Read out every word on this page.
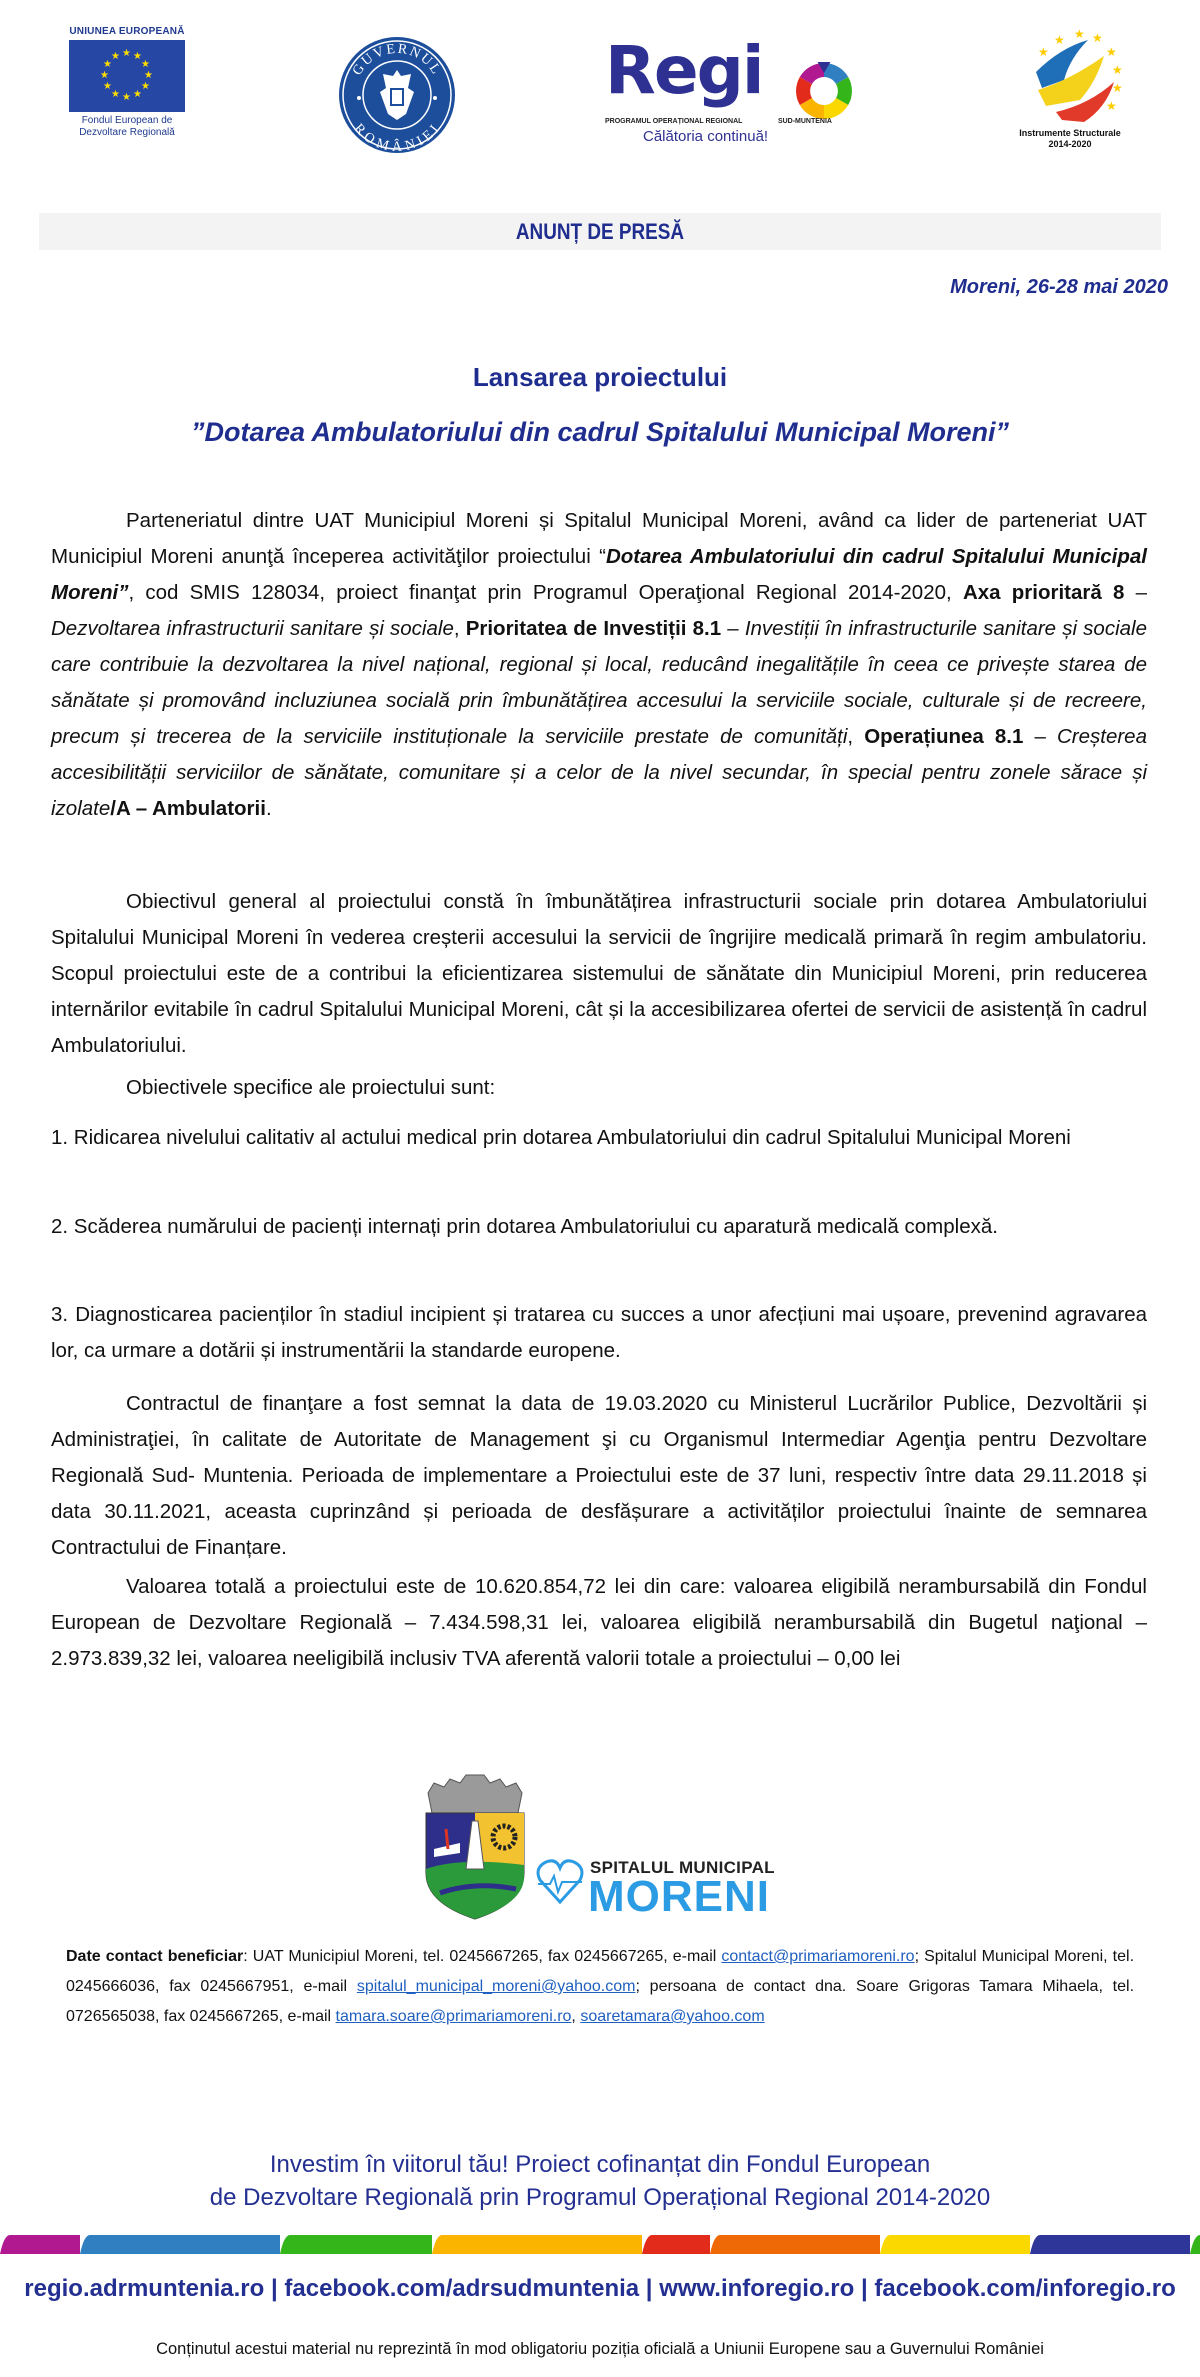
UNIUNEA EUROPEANĂ
★ ★
★
★
★
★
★
★
★
★
★
★
Fondul European de
Dezvoltare Regională
GUVERNUL
ROMÂNIEI
Regi
PROGRAMUL OPERAȚIONAL REGIONAL	SUD-MUNTENIA
Călătoria continuă!
★
★ ★ ★
★
★
★
★
Instrumente Structurale
2014-2020
ANUNȚ DE PRESĂ
Moreni, 26-28 mai 2020
Lansarea proiectului
”Dotarea Ambulatoriului din cadrul Spitalului Municipal Moreni”

Parteneriatul dintre UAT Municipiul Moreni și Spitalul Municipal Moreni, având ca lider de parteneriat UAT Municipiul Moreni anunţă începerea activităţilor proiectului “Dotarea Ambulatoriului din cadrul Spitalului Municipal Moreni”, cod SMIS 128034, proiect finanţat prin Programul Operaţional Regional 2014-2020, Axa prioritară 8 – Dezvoltarea infrastructurii sanitare și sociale, Prioritatea de Investiții 8.1 – Investiții în infrastructurile sanitare și sociale care contribuie la dezvoltarea la nivel național, regional și local, reducând inegalitățile în ceea ce privește starea de sănătate și promovând incluziunea socială prin îmbunătățirea accesului la serviciile sociale, culturale și de recreere, precum și trecerea de la serviciile instituționale la serviciile prestate de comunități, Operațiunea 8.1 – Creșterea accesibilității serviciilor de sănătate, comunitare și a celor de la nivel secundar, în special pentru zonele sărace și izolate/A – Ambulatorii.

Obiectivul general al proiectului constă în îmbunătățirea infrastructurii sociale prin dotarea Ambulatoriului Spitalului Municipal Moreni în vederea creșterii accesului la servicii de îngrijire medicală primară în regim ambulatoriu. Scopul proiectului este de a contribui la eficientizarea sistemului de sănătate din Municipiul Moreni, prin reducerea internărilor evitabile în cadrul Spitalului Municipal Moreni, cât și la accesibilizarea ofertei de servicii de asistență în cadrul Ambulatoriului.

Obiectivele specifice ale proiectului sunt:

1. Ridicarea nivelului calitativ al actului medical prin dotarea Ambulatoriului din cadrul Spitalului Municipal Moreni

2. Scăderea numărului de pacienți internați prin dotarea Ambulatoriului cu aparatură medicală complexă.

3. Diagnosticarea pacienților în stadiul incipient și tratarea cu succes a unor afecțiuni mai ușoare, prevenind agravarea lor, ca urmare a dotării și instrumentării la standarde europene.

Contractul de finanţare a fost semnat la data de 19.03.2020 cu Ministerul Lucrărilor Publice, Dezvoltării și Administraţiei, în calitate de Autoritate de Management şi cu Organismul Intermediar Agenţia pentru Dezvoltare Regională Sud- Muntenia. Perioada de implementare a Proiectului este de 37 luni, respectiv între data 29.11.2018 și data 30.11.2021, aceasta cuprinzând și perioada de desfășurare a activităților proiectului înainte de semnarea Contractului de Finanțare.

Valoarea totală a proiectului este de 10.620.854,72 lei din care: valoarea eligibilă nerambursabilă din Fondul European de Dezvoltare Regională – 7.434.598,31 lei, valoarea eligibilă nerambursabilă din Bugetul naţional – 2.973.839,32 lei, valoarea neeligibilă inclusiv TVA aferentă valorii totale a proiectului – 0,00 lei

SPITALUL MUNICIPAL
MORENI
Date contact beneficiar: UAT Municipiul Moreni, tel. 0245667265, fax 0245667265, e-mail contact@primariamoreni.ro; Spitalul Municipal Moreni, tel. 0245666036, fax 0245667951, e-mail spitalul_municipal_moreni@yahoo.com; persoana de contact dna. Soare Grigoras Tamara Mihaela, tel. 0726565038, fax 0245667265, e-mail tamara.soare@primariamoreni.ro, soaretamara@yahoo.com
Investim în viitorul tău! Proiect cofinanțat din Fondul European
de Dezvoltare Regională prin Programul Operațional Regional 2014-2020
regio.adrmuntenia.ro | facebook.com/adrsudmuntenia | www.inforegio.ro | facebook.com/inforegio.ro
Conținutul acestui material nu reprezintă în mod obligatoriu poziția oficială a Uniunii Europene sau a Guvernului României
